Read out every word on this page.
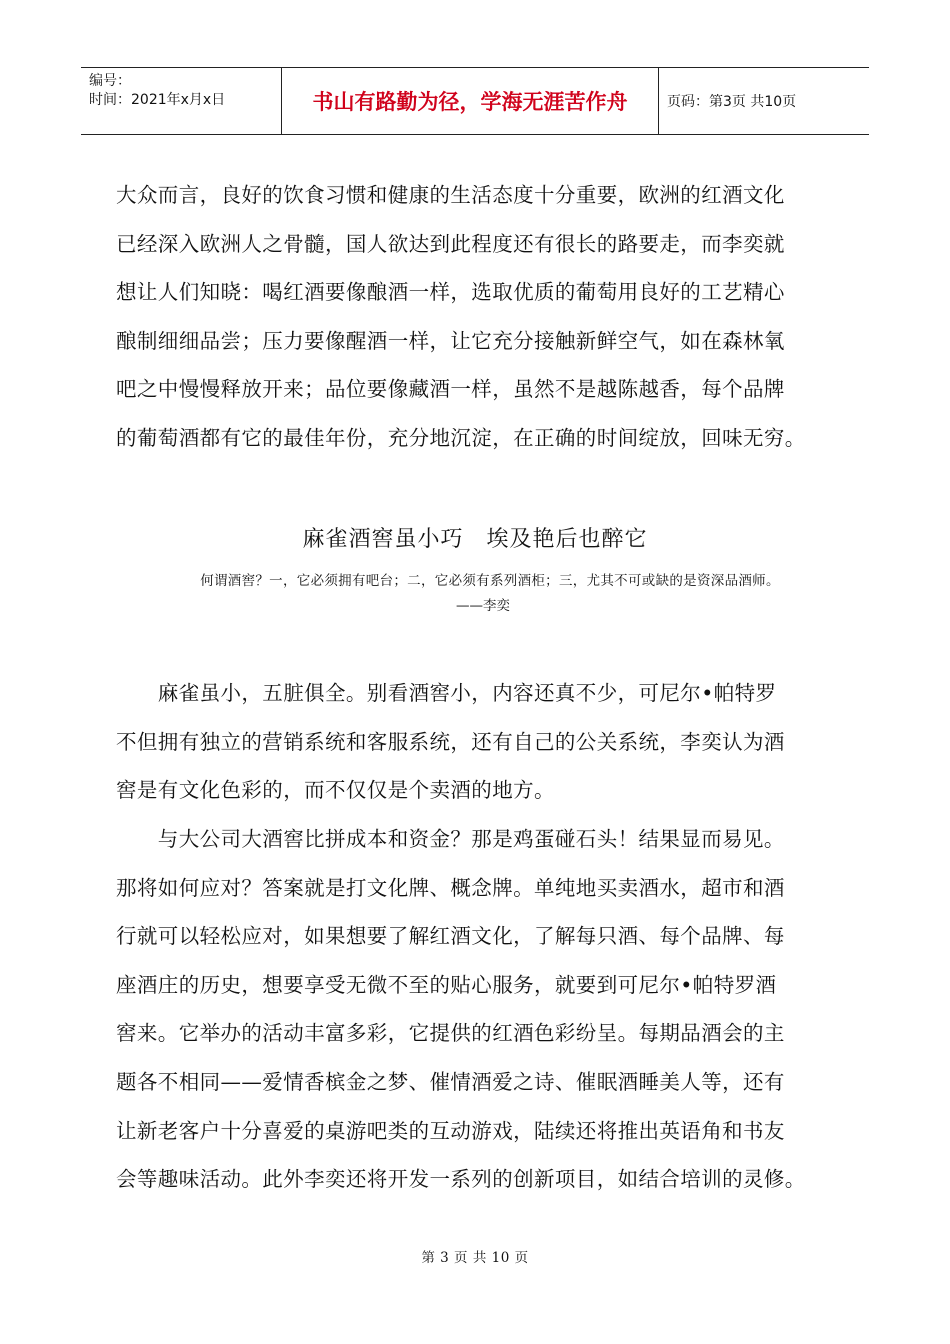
编号：
时间：2021年x月x日	书山有路勤为径，学海无涯苦作舟	页码：第3页 共10页
大众而言，良好的饮食习惯和健康的生活态度十分重要，欧洲的红酒文化
已经深入欧洲人之骨髓，国人欲达到此程度还有很长的路要走，而李奕就
想让人们知晓：喝红酒要像酿酒一样，选取优质的葡萄用良好的工艺精心
酿制细细品尝；压力要像醒酒一样，让它充分接触新鲜空气，如在森林氧
吧之中慢慢释放开来；品位要像藏酒一样，虽然不是越陈越香，每个品牌
的葡萄酒都有它的最佳年份，充分地沉淀，在正确的时间绽放，回味无穷。
麻雀酒窖虽小巧　埃及艳后也醉它
何谓酒窖？一，它必须拥有吧台；二，它必须有系列酒柜；三，尤其不可或缺的是资深品酒师。
——李奕
　　麻雀虽小，五脏俱全。别看酒窖小，内容还真不少，可尼尔•帕特罗
不但拥有独立的营销系统和客服系统，还有自己的公关系统，李奕认为酒
窖是有文化色彩的，而不仅仅是个卖酒的地方。
　　与大公司大酒窖比拼成本和资金？那是鸡蛋碰石头！结果显而易见。
那将如何应对？答案就是打文化牌、概念牌。单纯地买卖酒水，超市和酒
行就可以轻松应对，如果想要了解红酒文化，了解每只酒、每个品牌、每
座酒庄的历史，想要享受无微不至的贴心服务，就要到可尼尔•帕特罗酒
窖来。它举办的活动丰富多彩，它提供的红酒色彩纷呈。每期品酒会的主
题各不相同——爱情香槟金之梦、催情酒爱之诗、催眠酒睡美人等，还有
让新老客户十分喜爱的桌游吧类的互动游戏，陆续还将推出英语角和书友
会等趣味活动。此外李奕还将开发一系列的创新项目，如结合培训的灵修。
第 3 页 共 10 页
